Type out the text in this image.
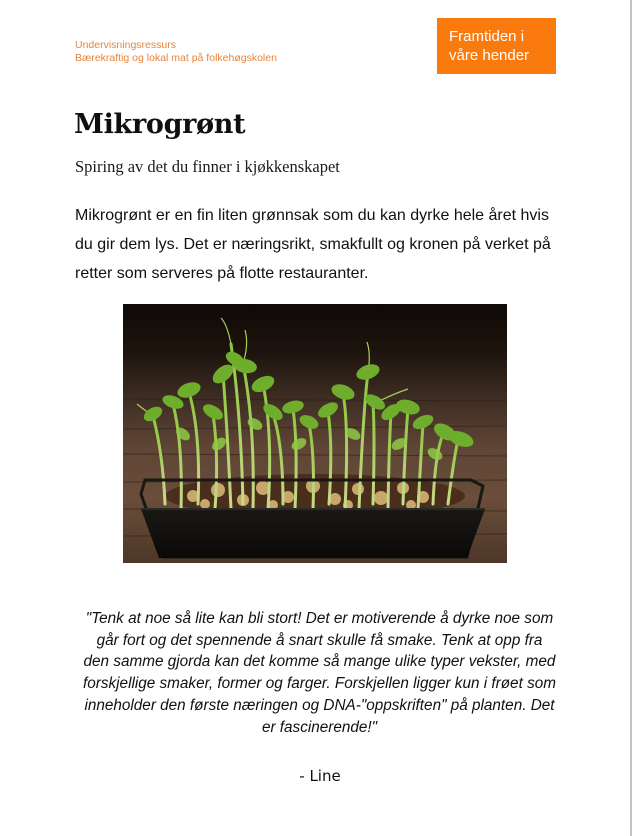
Undervisningsressurs
Bærekraftig og lokal mat på folkehøgskolen
Framtiden i
våre hender
Mikrogrønt
Spiring av det du finner i kjøkkenskapet

Mikrogrønt er en fin liten grønnsak som du kan dyrke hele året hvis du gir dem lys. Det er næringsrikt, smakfullt og kronen på verket på retter som serveres på flotte restauranter.

"Tenk at noe så lite kan bli stort! Det er motiverende å dyrke noe som går fort og det spennende å snart skulle få smake. Tenk at opp fra den samme gjorda kan det komme så mange ulike typer vekster, med forskjellige smaker, former og farger. Forskjellen ligger kun i frøet som inneholder den første næringen og DNA-"oppskriften" på planten. Det er fascinerende!"

- Line
